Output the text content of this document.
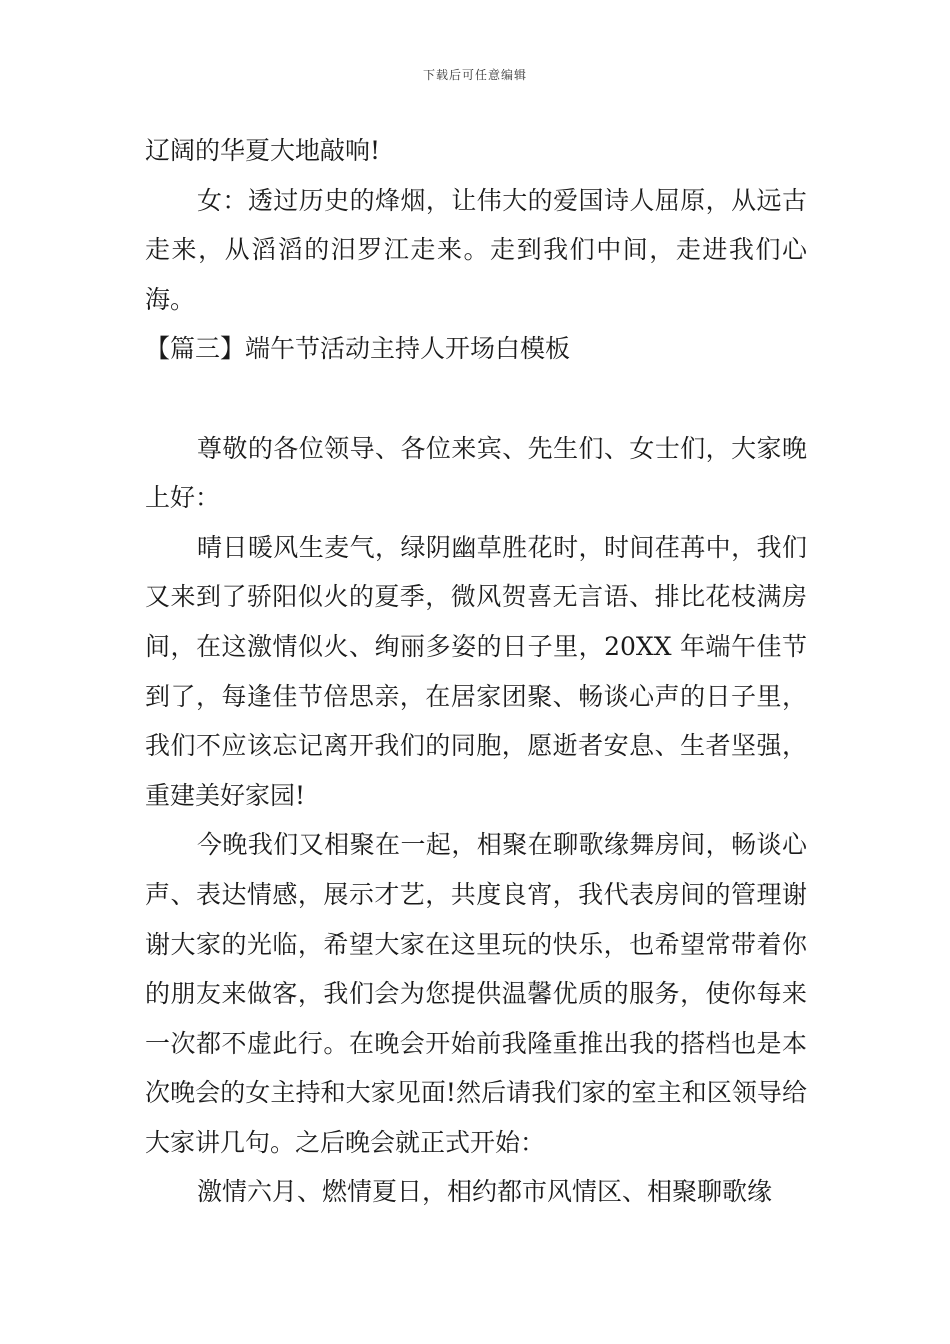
下载后可任意编辑

辽阔的华夏大地敲响!

女：透过历史的烽烟，让伟大的爱国诗人屈原，从远古走来，从滔滔的汨罗江走来。走到我们中间，走进我们心海。

【篇三】端午节活动主持人开场白模板

尊敬的各位领导、各位来宾、先生们、女士们，大家晚上好：

晴日暖风生麦气，绿阴幽草胜花时，时间荏苒中，我们又来到了骄阳似火的夏季，微风贺喜无言语、排比花枝满房间，在这激情似火、绚丽多姿的日子里，20XX 年端午佳节到了，每逢佳节倍思亲，在居家团聚、畅谈心声的日子里，我们不应该忘记离开我们的同胞，愿逝者安息、生者坚强，重建美好家园!

今晚我们又相聚在一起，相聚在聊歌缘舞房间，畅谈心声、表达情感，展示才艺，共度良宵，我代表房间的管理谢谢大家的光临，希望大家在这里玩的快乐，也希望常带着你的朋友来做客，我们会为您提供温馨优质的服务，使你每来一次都不虚此行。在晚会开始前我隆重推出我的搭档也是本次晚会的女主持和大家见面!然后请我们家的室主和区领导给大家讲几句。之后晚会就正式开始：

激情六月、燃情夏日，相约都市风情区、相聚聊歌缘
